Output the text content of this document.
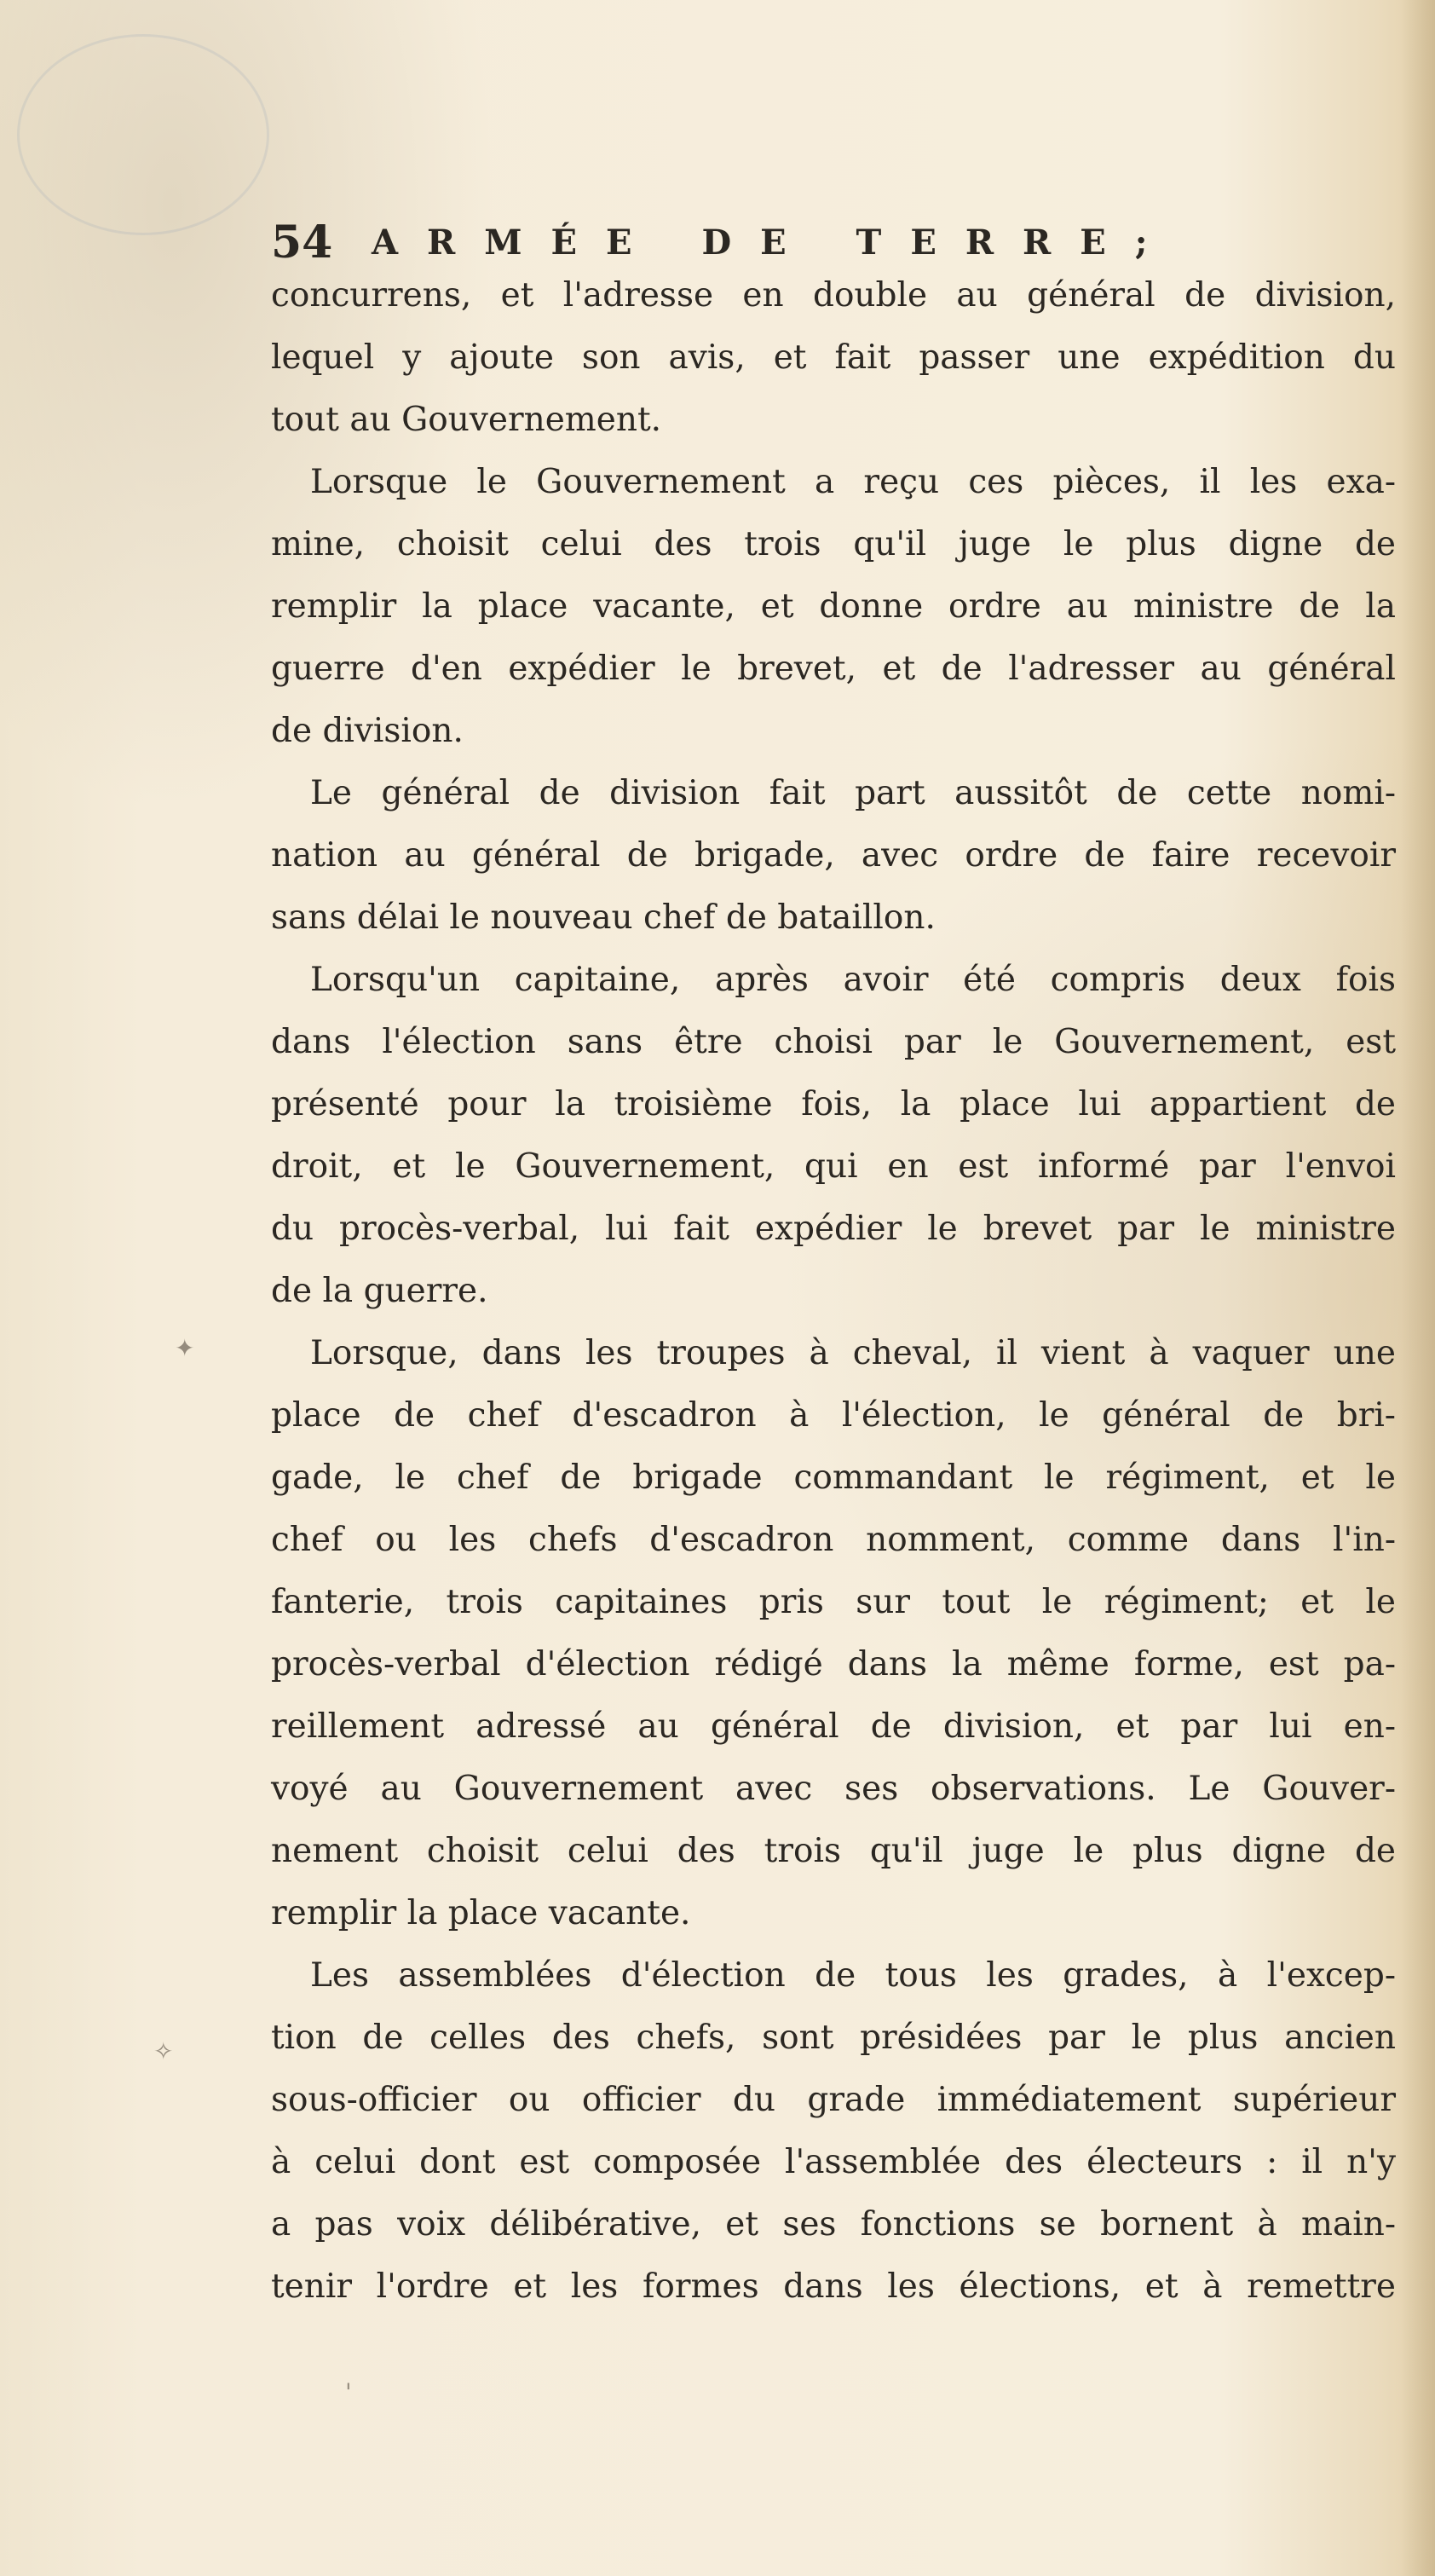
54 ARMÉE DE TERRE;
concurrens, et l'adresse en double au général de division,
lequel y ajoute son avis, et fait passer une expédition du
tout au Gouvernement.
Lorsque le Gouvernement a reçu ces pièces, il les exa-
mine, choisit celui des trois qu'il juge le plus digne de
remplir la place vacante, et donne ordre au ministre de la
guerre d'en expédier le brevet, et de l'adresser au général
de division.
Le général de division fait part aussitôt de cette nomi-
nation au général de brigade, avec ordre de faire recevoir
sans délai le nouveau chef de bataillon.
Lorsqu'un capitaine, après avoir été compris deux fois
dans l'élection sans être choisi par le Gouvernement, est
présenté pour la troisième fois, la place lui appartient de
droit, et le Gouvernement, qui en est informé par l'envoi
du procès-verbal, lui fait expédier le brevet par le ministre
de la guerre.
Lorsque, dans les troupes à cheval, il vient à vaquer une
place de chef d'escadron à l'élection, le général de bri-
gade, le chef de brigade commandant le régiment, et le
chef ou les chefs d'escadron nomment, comme dans l'in-
fanterie, trois capitaines pris sur tout le régiment; et le
procès-verbal d'élection rédigé dans la même forme, est pa-
reillement adressé au général de division, et par lui en-
voyé au Gouvernement avec ses observations. Le Gouver-
nement choisit celui des trois qu'il juge le plus digne de
remplir la place vacante.
Les assemblées d'élection de tous les grades, à l'excep-
tion de celles des chefs, sont présidées par le plus ancien
sous-officier ou officier du grade immédiatement supérieur
à celui dont est composée l'assemblée des électeurs : il n'y
a pas voix délibérative, et ses fonctions se bornent à main-
tenir l'ordre et les formes dans les élections, et à remettre
✦
✧
'
